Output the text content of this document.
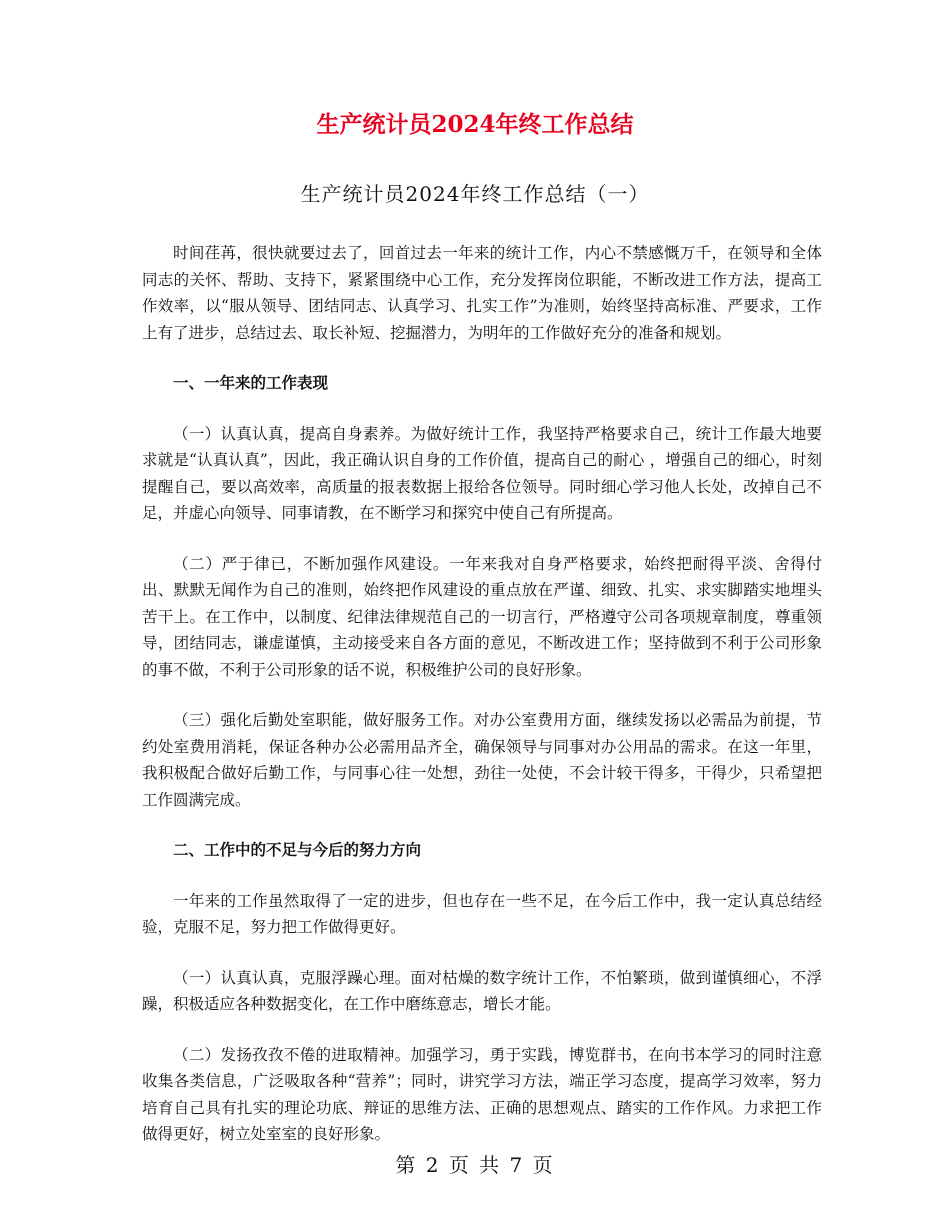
生产统计员2024年终工作总结
生产统计员2024年终工作总结（一）

时间荏苒，很快就要过去了，回首过去一年来的统计工作，内心不禁感慨万千，在领导和全体同志的关怀、帮助、支持下，紧紧围绕中心工作，充分发挥岗位职能，不断改进工作方法，提高工作效率，以“服从领导、团结同志、认真学习、扎实工作”为准则，始终坚持高标准、严要求，工作上有了进步，总结过去、取长补短、挖掘潜力，为明年的工作做好充分的准备和规划。

一、一年来的工作表现

（一）认真认真，提高自身素养。为做好统计工作，我坚持严格要求自己，统计工作最大地要求就是“认真认真”，因此，我正确认识自身的工作价值，提高自己的耐心 ，增强自己的细心，时刻提醒自己，要以高效率，高质量的报表数据上报给各位领导。同时细心学习他人长处，改掉自己不足，并虚心向领导、同事请教，在不断学习和探究中使自己有所提高。

（二）严于律已，不断加强作风建设。一年来我对自身严格要求，始终把耐得平淡、舍得付出、默默无闻作为自己的准则，始终把作风建设的重点放在严谨、细致、扎实、求实脚踏实地埋头苦干上。在工作中，以制度、纪律法律规范自己的一切言行，严格遵守公司各项规章制度，尊重领导，团结同志，谦虚谨慎，主动接受来自各方面的意见，不断改进工作；坚持做到不利于公司形象的事不做，不利于公司形象的话不说，积极维护公司的良好形象。

（三）强化后勤处室职能，做好服务工作。对办公室费用方面，继续发扬以必需品为前提，节约处室费用消耗，保证各种办公必需用品齐全，确保领导与同事对办公用品的需求。在这一年里，我积极配合做好后勤工作，与同事心往一处想，劲往一处使，不会计较干得多，干得少，只希望把工作圆满完成。

二、工作中的不足与今后的努力方向

一年来的工作虽然取得了一定的进步，但也存在一些不足，在今后工作中，我一定认真总结经验，克服不足，努力把工作做得更好。

（一）认真认真，克服浮躁心理。面对枯燥的数字统计工作，不怕繁琐，做到谨慎细心，不浮躁，积极适应各种数据变化，在工作中磨练意志，增长才能。

（二）发扬孜孜不倦的进取精神。加强学习，勇于实践，博览群书，在向书本学习的同时注意收集各类信息，广泛吸取各种“营养”；同时，讲究学习方法，端正学习态度，提高学习效率，努力培育自己具有扎实的理论功底、辩证的思维方法、正确的思想观点、踏实的工作作风。力求把工作做得更好，树立处室室的良好形象。

第 2 页 共 7 页
